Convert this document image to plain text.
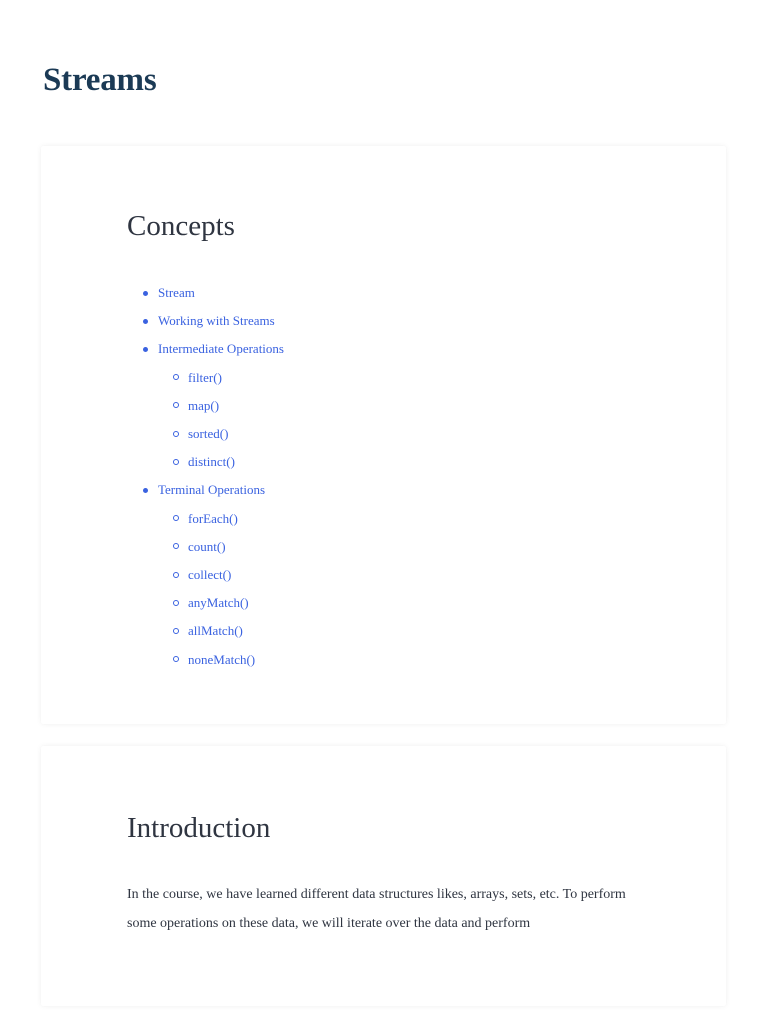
Streams
Concepts
Stream
Working with Streams
Intermediate Operations
filter()
map()
sorted()
distinct()
Terminal Operations
forEach()
count()
collect()
anyMatch()
allMatch()
noneMatch()
Introduction

In the course, we have learned different data structures likes, arrays, sets, etc. To perform some operations on these data, we will iterate over the data and perform
